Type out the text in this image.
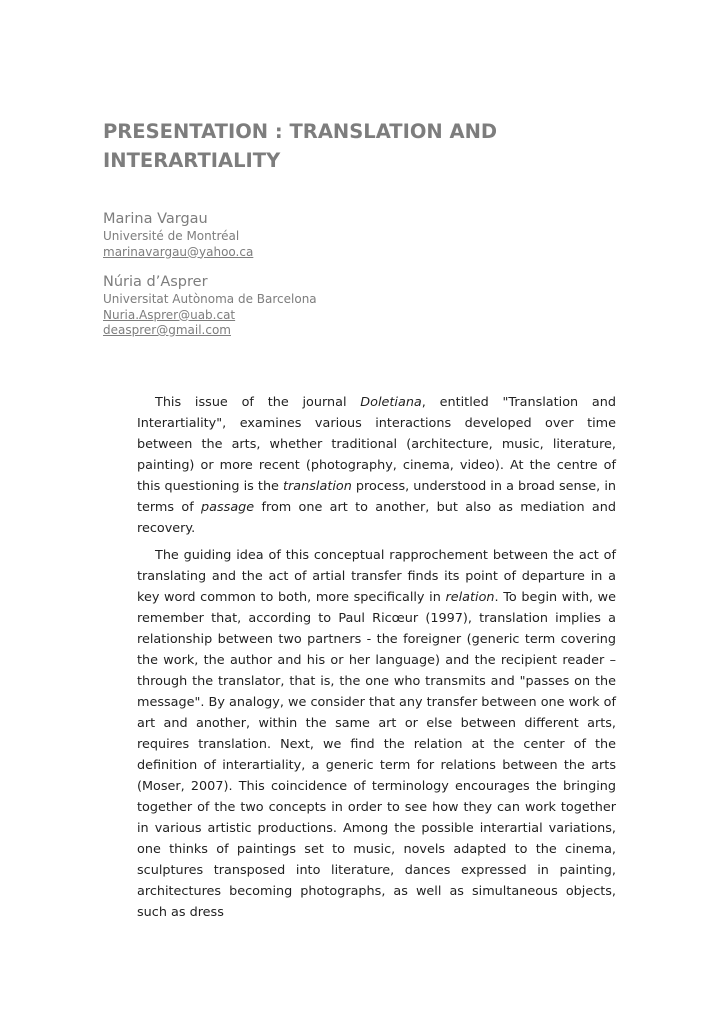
PRESENTATION : TRANSLATION AND INTERARTIALITY
Marina Vargau
Université de Montréal
marinavargau@yahoo.ca
Núria d’Asprer
Universitat Autònoma de Barcelona
Nuria.Asprer@uab.cat
deasprer@gmail.com

This issue of the journal Doletiana, entitled "Translation and Interartiality", examines various interactions developed over time between the arts, whether traditional (architecture, music, literature, painting) or more recent (photography, cinema, video). At the centre of this questioning is the translation process, understood in a broad sense, in terms of passage from one art to another, but also as mediation and recovery.

The guiding idea of this conceptual rapprochement between the act of translating and the act of artial transfer finds its point of departure in a key word common to both, more specifically in relation. To begin with, we remember that, according to Paul Ricœur (1997), translation implies a relationship between two partners - the foreigner (generic term covering the work, the author and his or her language) and the recipient reader –through the translator, that is, the one who transmits and "passes on the message". By analogy, we consider that any transfer between one work of art and another, within the same art or else between different arts, requires translation. Next, we find the relation at the center of the definition of interartiality, a generic term for relations between the arts (Moser, 2007). This coincidence of terminology encourages the bringing together of the two concepts in order to see how they can work together in various artistic productions. Among the possible interartial variations, one thinks of paintings set to music, novels adapted to the cinema, sculptures transposed into literature, dances expressed in painting, architectures becoming photographs, as well as simultaneous objects, such as dress
